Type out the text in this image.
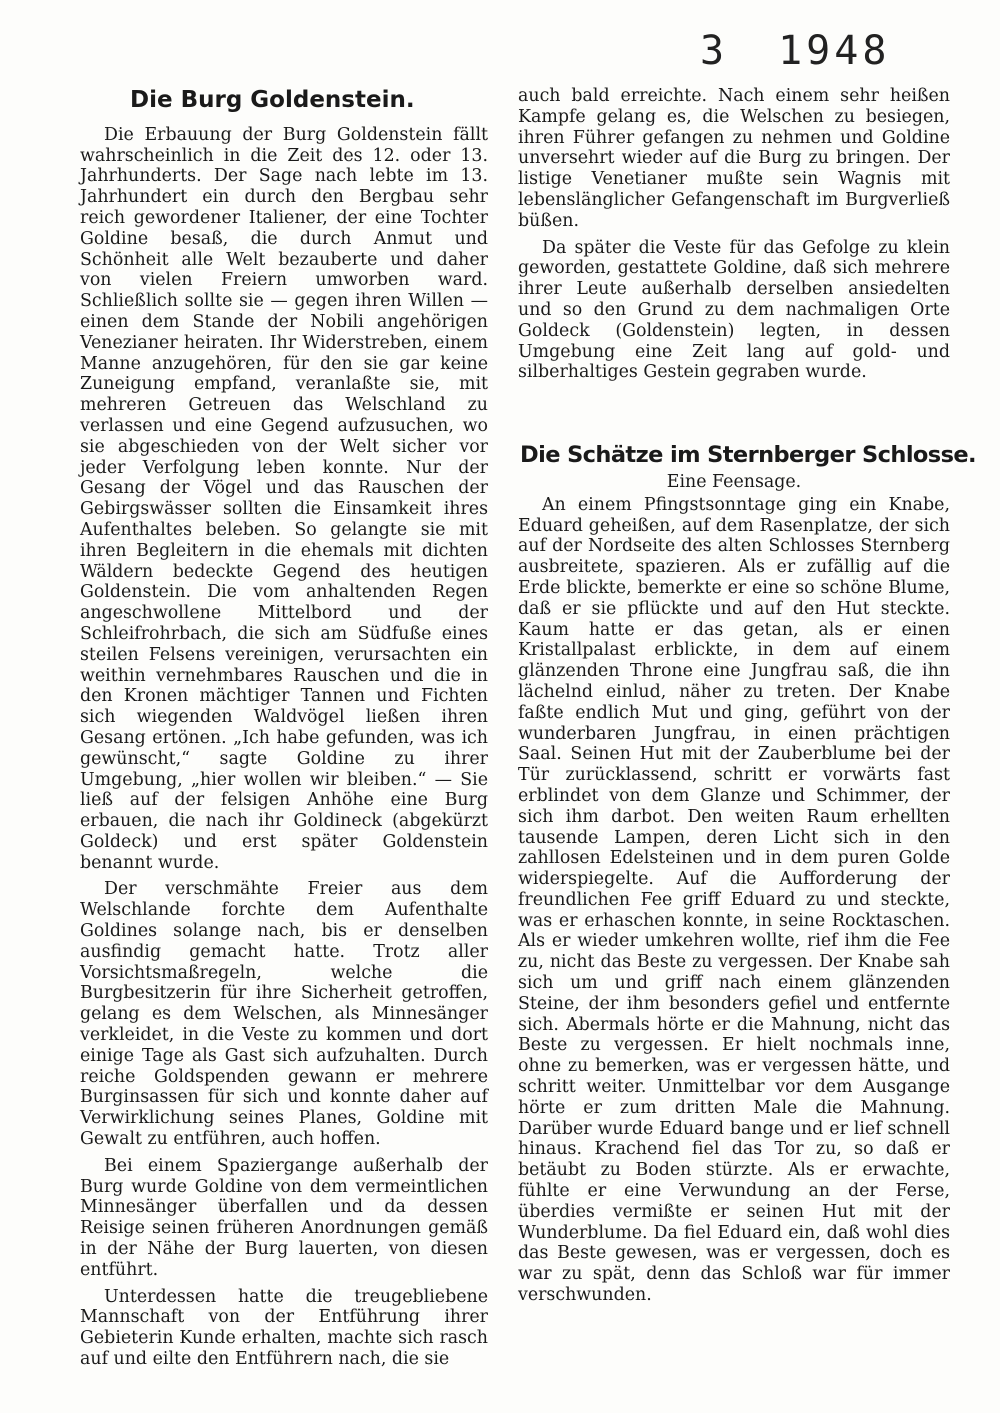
3 1948
Die Burg Goldenstein.

Die Erbauung der Burg Goldenstein fällt wahrscheinlich in die Zeit des 12. oder 13. Jahrhunderts. Der Sage nach lebte im 13. Jahrhundert ein durch den Bergbau sehr reich gewordener Italiener, der eine Tochter Goldine besaß, die durch Anmut und Schönheit alle Welt bezauberte und daher von vielen Freiern umworben ward. Schließlich sollte sie — gegen ihren Willen — einen dem Stande der Nobili angehörigen Venezianer heiraten. Ihr Widerstreben, einem Manne anzugehören, für den sie gar keine Zuneigung empfand, veranlaßte sie, mit mehreren Getreuen das Welschland zu verlassen und eine Gegend aufzusuchen, wo sie abgeschieden von der Welt sicher vor jeder Verfolgung leben konnte. Nur der Gesang der Vögel und das Rauschen der Gebirgswässer sollten die Einsamkeit ihres Aufenthaltes beleben. So gelangte sie mit ihren Begleitern in die ehemals mit dichten Wäldern bedeckte Gegend des heutigen Goldenstein. Die vom anhaltenden Regen angeschwollene Mittelbord und der Schleifrohrbach, die sich am Südfuße eines steilen Felsens vereinigen, verursachten ein weithin vernehmbares Rauschen und die in den Kronen mächtiger Tannen und Fichten sich wiegenden Waldvögel ließen ihren Gesang ertönen. „Ich habe gefunden, was ich gewünscht,“ sagte Goldine zu ihrer Umgebung, „hier wollen wir bleiben.“ — Sie ließ auf der felsigen Anhöhe eine Burg erbauen, die nach ihr Goldineck (abgekürzt Goldeck) und erst später Goldenstein benannt wurde.

Der verschmähte Freier aus dem Welschlande forchte dem Aufenthalte Goldines solange nach, bis er denselben ausfindig gemacht hatte. Trotz aller Vorsichtsmaßregeln, welche die Burgbesitzerin für ihre Sicherheit getroffen, gelang es dem Welschen, als Minnesänger verkleidet, in die Veste zu kommen und dort einige Tage als Gast sich aufzuhalten. Durch reiche Goldspenden gewann er mehrere Burginsassen für sich und konnte daher auf Verwirklichung seines Planes, Goldine mit Gewalt zu entführen, auch hoffen.

Bei einem Spaziergange außerhalb der Burg wurde Goldine von dem vermeintlichen Minnesänger überfallen und da dessen Reisige seinen früheren Anordnungen gemäß in der Nähe der Burg lauerten, von diesen entführt.

Unterdessen hatte die treugebliebene Mannschaft von der Entführung ihrer Gebieterin Kunde erhalten, machte sich rasch auf und eilte den Entführern nach, die sie

auch bald erreichte. Nach einem sehr heißen Kampfe gelang es, die Welschen zu besiegen, ihren Führer gefangen zu nehmen und Goldine unversehrt wieder auf die Burg zu bringen. Der listige Venetianer mußte sein Wagnis mit lebenslänglicher Gefangenschaft im Burgverließ büßen.

Da später die Veste für das Gefolge zu klein geworden, gestattete Goldine, daß sich mehrere ihrer Leute außerhalb derselben ansiedelten und so den Grund zu dem nachmaligen Orte Goldeck (Goldenstein) legten, in dessen Umgebung eine Zeit lang auf gold- und silberhaltiges Gestein gegraben wurde.

Die Schätze im Sternberger Schlosse.
Eine Feensage.

An einem Pfingstsonntage ging ein Knabe, Eduard geheißen, auf dem Rasenplatze, der sich auf der Nordseite des alten Schlosses Sternberg ausbreitete, spazieren. Als er zufällig auf die Erde blickte, bemerkte er eine so schöne Blume, daß er sie pflückte und auf den Hut steckte. Kaum hatte er das getan, als er einen Kristallpalast erblickte, in dem auf einem glänzenden Throne eine Jungfrau saß, die ihn lächelnd einlud, näher zu treten. Der Knabe faßte endlich Mut und ging, geführt von der wunderbaren Jungfrau, in einen prächtigen Saal. Seinen Hut mit der Zauberblume bei der Tür zurücklassend, schritt er vorwärts fast erblindet von dem Glanze und Schimmer, der sich ihm darbot. Den weiten Raum erhellten tausende Lampen, deren Licht sich in den zahllosen Edelsteinen und in dem puren Golde widerspiegelte. Auf die Aufforderung der freundlichen Fee griff Eduard zu und steckte, was er erhaschen konnte, in seine Rocktaschen. Als er wieder umkehren wollte, rief ihm die Fee zu, nicht das Beste zu vergessen. Der Knabe sah sich um und griff nach einem glänzenden Steine, der ihm besonders gefiel und entfernte sich. Abermals hörte er die Mahnung, nicht das Beste zu vergessen. Er hielt nochmals inne, ohne zu bemerken, was er vergessen hätte, und schritt weiter. Unmittelbar vor dem Ausgange hörte er zum dritten Male die Mahnung. Darüber wurde Eduard bange und er lief schnell hinaus. Krachend fiel das Tor zu, so daß er betäubt zu Boden stürzte. Als er erwachte, fühlte er eine Verwundung an der Ferse, überdies vermißte er seinen Hut mit der Wunderblume. Da fiel Eduard ein, daß wohl dies das Beste gewesen, was er vergessen, doch es war zu spät, denn das Schloß war für immer verschwunden.
